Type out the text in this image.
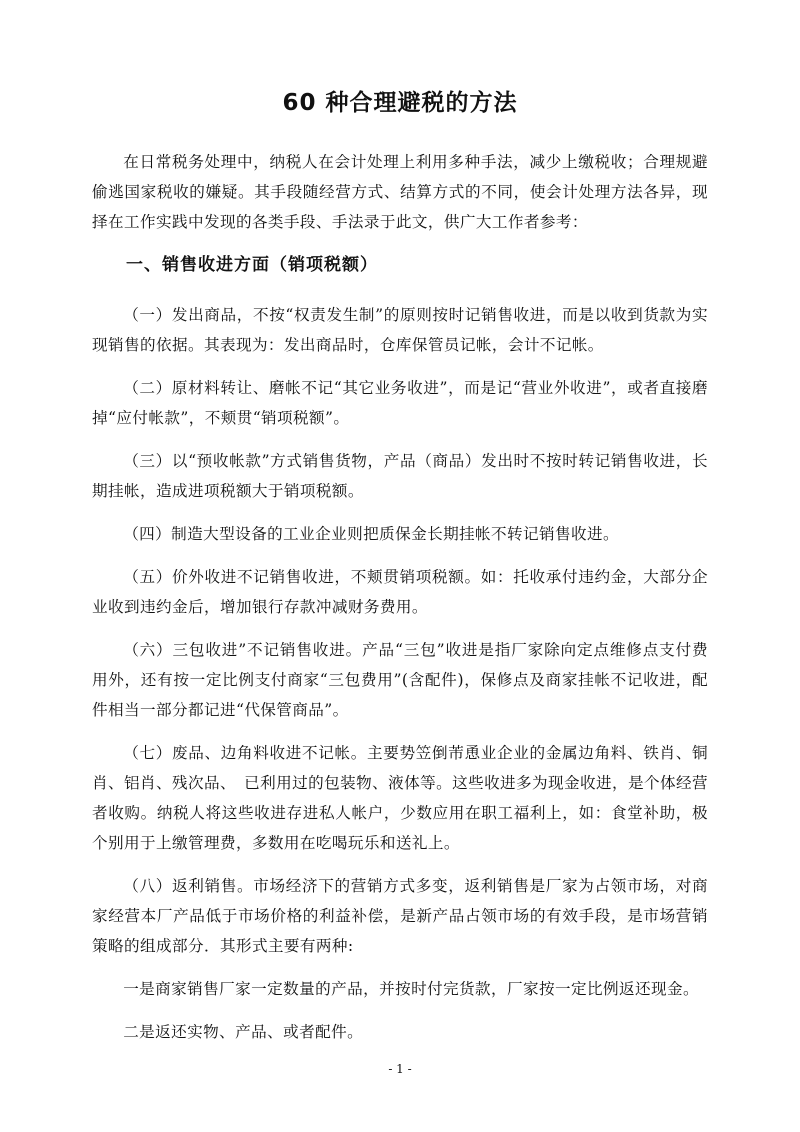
60 种合理避税的方法

在日常税务处理中，纳税人在会计处理上利用多种手法，减少上缴税收；合理规避偷逃国家税收的嫌疑。其手段随经营方式、结算方式的不同，使会计处理方法各异，现择在工作实践中发现的各类手段、手法录于此文，供广大工作者参考：

一、销售收进方面（销项税额）

（一）发出商品，不按“权责发生制”的原则按时记销售收进，而是以收到货款为实现销售的依据。其表现为：发出商品时，仓库保管员记帐，会计不记帐。

（二）原材料转让、磨帐不记“其它业务收进”，而是记“营业外收进”，或者直接磨掉“应付帐款”，不颊贯“销项税额”。

（三）以“预收帐款”方式销售货物，产品（商品）发出时不按时转记销售收进，长期挂帐，造成进项税额大于销项税额。

（四）制造大型设备的工业企业则把质保金长期挂帐不转记销售收进。

（五）价外收进不记销售收进，不颊贯销项税额。如：托收承付违约金，大部分企业收到违约金后，增加银行存款冲减财务费用。

（六）三包收进”不记销售收进。产品“三包”收进是指厂家除向定点维修点支付费用外，还有按一定比例支付商家“三包费用”(含配件)，保修点及商家挂帐不记收进，配件相当一部分都记进“代保管商品”。

（七）废品、边角料收进不记帐。主要势笠倒芾恿业企业的金属边角料、铁肖、铜肖、铝肖、残次品、　已利用过的包装物、液体等。这些收进多为现金收进，是个体经营者收购。纳税人将这些收进存进私人帐户，少数应用在职工福利上，如：食堂补助，极个别用于上缴管理费，多数用在吃喝玩乐和送礼上。

（八）返利销售。市场经济下的营销方式多变，返利销售是厂家为占领市场，对商家经营本厂产品低于市场价格的利益补偿，是新产品占领市场的有效手段，是市场营销策略的组成部分．其形式主要有两种:

一是商家销售厂家一定数量的产品，并按时付完货款，厂家按一定比例返还现金。

二是返还实物、产品、或者配件。

- 1 -
